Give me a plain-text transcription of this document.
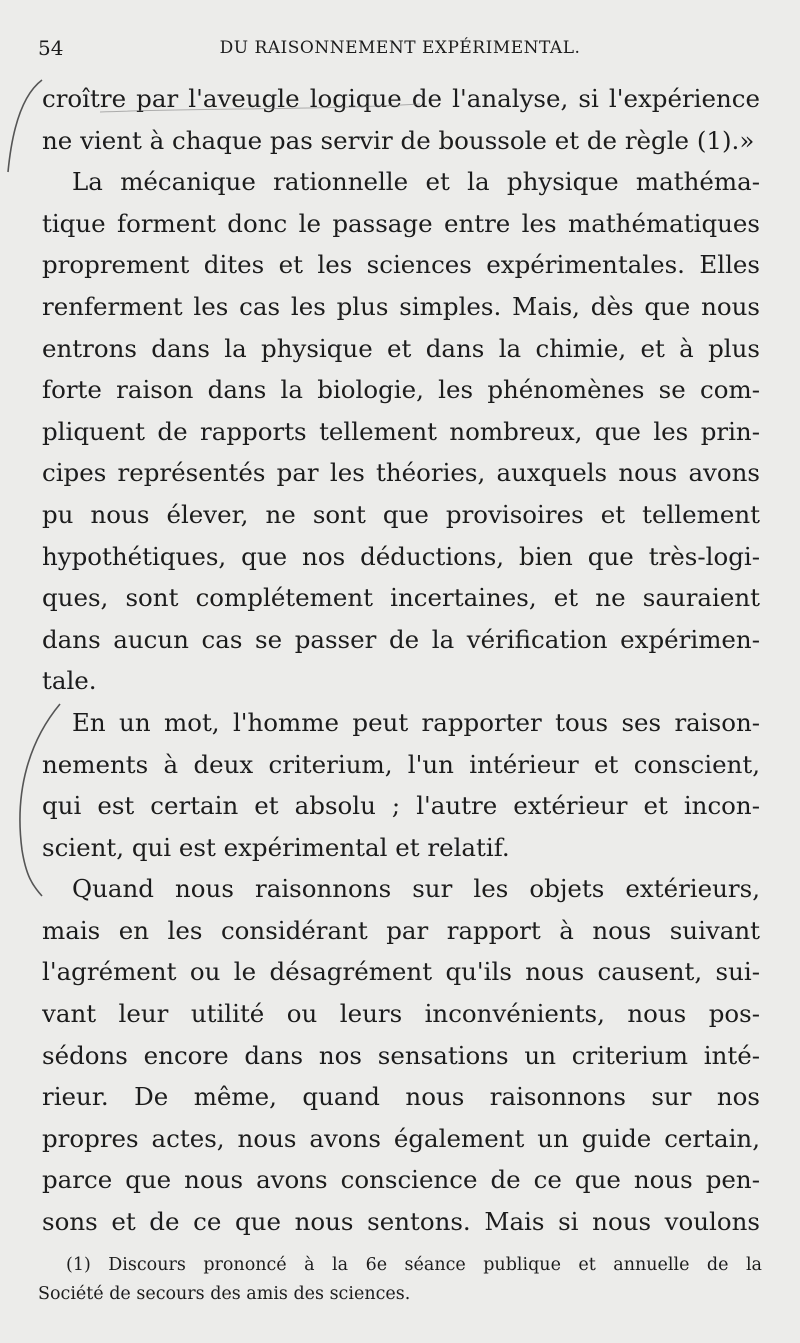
54	DU RAISONNEMENT EXPÉRIMENTAL.
croître par l'aveugle logique de l'analyse, si l'expérience
ne vient à chaque pas servir de boussole et de règle (1).»
La mécanique rationnelle et la physique mathéma-
tique forment donc le passage entre les mathématiques
proprement dites et les sciences expérimentales. Elles
renferment les cas les plus simples. Mais, dès que nous
entrons dans la physique et dans la chimie, et à plus
forte raison dans la biologie, les phénomènes se com-
pliquent de rapports tellement nombreux, que les prin-
cipes représentés par les théories, auxquels nous avons
pu nous élever, ne sont que provisoires et tellement
hypothétiques, que nos déductions, bien que très-logi-
ques, sont complétement incertaines, et ne sauraient
dans aucun cas se passer de la vérification expérimen-
tale.
En un mot, l'homme peut rapporter tous ses raison-
nements à deux criterium, l'un intérieur et conscient,
qui est certain et absolu ; l'autre extérieur et incon-
scient, qui est expérimental et relatif.
Quand nous raisonnons sur les objets extérieurs,
mais en les considérant par rapport à nous suivant
l'agrément ou le désagrément qu'ils nous causent, sui-
vant leur utilité ou leurs inconvénients, nous pos-
sédons encore dans nos sensations un criterium inté-
rieur. De même, quand nous raisonnons sur nos
propres actes, nous avons également un guide certain,
parce que nous avons conscience de ce que nous pen-
sons et de ce que nous sentons. Mais si nous voulons
(1) Discours prononcé à la 6e séance publique et annuelle de la
Société de secours des amis des sciences.
